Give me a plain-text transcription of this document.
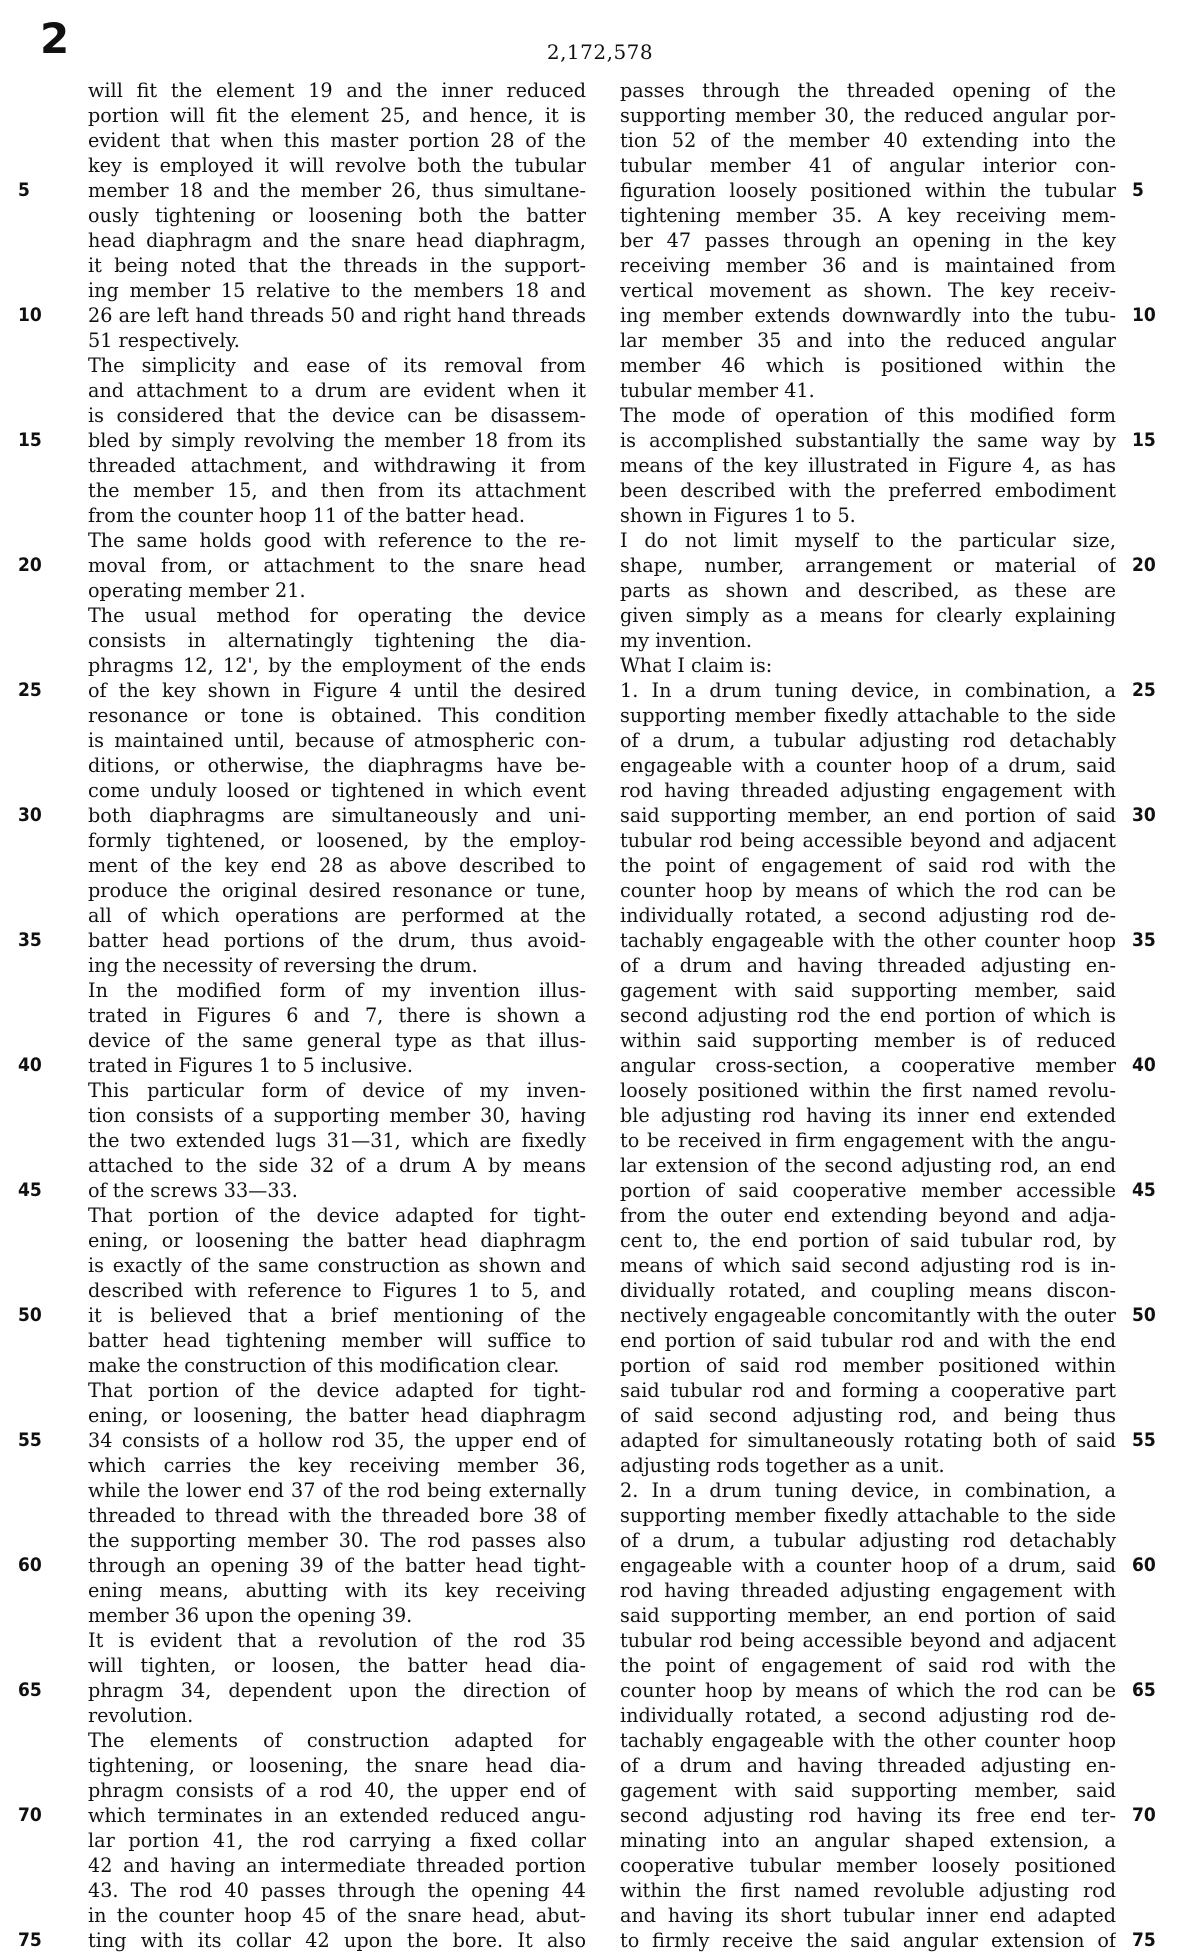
2	2,172,578
will fit the element 19 and the inner reduced
portion will fit the element 25, and hence, it is
evident that when this master portion 28 of the
key is employed it will revolve both the tubular
member 18 and the member 26, thus simultane-
ously tightening or loosening both the batter
head diaphragm and the snare head diaphragm,
it being noted that the threads in the support-
ing member 15 relative to the members 18 and
26 are left hand threads 50 and right hand threads
51 respectively.
The simplicity and ease of its removal from
and attachment to a drum are evident when it
is considered that the device can be disassem-
bled by simply revolving the member 18 from its
threaded attachment, and withdrawing it from
the member 15, and then from its attachment
from the counter hoop 11 of the batter head.
The same holds good with reference to the re-
moval from, or attachment to the snare head
operating member 21.
The usual method for operating the device
consists in alternatingly tightening the dia-
phragms 12, 12', by the employment of the ends
of the key shown in Figure 4 until the desired
resonance or tone is obtained. This condition
is maintained until, because of atmospheric con-
ditions, or otherwise, the diaphragms have be-
come unduly loosed or tightened in which event
both diaphragms are simultaneously and uni-
formly tightened, or loosened, by the employ-
ment of the key end 28 as above described to
produce the original desired resonance or tune,
all of which operations are performed at the
batter head portions of the drum, thus avoid-
ing the necessity of reversing the drum.
In the modified form of my invention illus-
trated in Figures 6 and 7, there is shown a
device of the same general type as that illus-
trated in Figures 1 to 5 inclusive.
This particular form of device of my inven-
tion consists of a supporting member 30, having
the two extended lugs 31—31, which are fixedly
attached to the side 32 of a drum A by means
of the screws 33—33.
That portion of the device adapted for tight-
ening, or loosening the batter head diaphragm
is exactly of the same construction as shown and
described with reference to Figures 1 to 5, and
it is believed that a brief mentioning of the
batter head tightening member will suffice to
make the construction of this modification clear.
That portion of the device adapted for tight-
ening, or loosening, the batter head diaphragm
34 consists of a hollow rod 35, the upper end of
which carries the key receiving member 36,
while the lower end 37 of the rod being externally
threaded to thread with the threaded bore 38 of
the supporting member 30. The rod passes also
through an opening 39 of the batter head tight-
ening means, abutting with its key receiving
member 36 upon the opening 39.
It is evident that a revolution of the rod 35
will tighten, or loosen, the batter head dia-
phragm 34, dependent upon the direction of
revolution.
The elements of construction adapted for
tightening, or loosening, the snare head dia-
phragm consists of a rod 40, the upper end of
which terminates in an extended reduced angu-
lar portion 41, the rod carrying a fixed collar
42 and having an intermediate threaded portion
43. The rod 40 passes through the opening 44
in the counter hoop 45 of the snare head, abut-
ting with its collar 42 upon the bore. It also
passes through the threaded opening of the
supporting member 30, the reduced angular por-
tion 52 of the member 40 extending into the
tubular member 41 of angular interior con-
figuration loosely positioned within the tubular
tightening member 35. A key receiving mem-
ber 47 passes through an opening in the key
receiving member 36 and is maintained from
vertical movement as shown. The key receiv-
ing member extends downwardly into the tubu-
lar member 35 and into the reduced angular
member 46 which is positioned within the
tubular member 41.
The mode of operation of this modified form
is accomplished substantially the same way by
means of the key illustrated in Figure 4, as has
been described with the preferred embodiment
shown in Figures 1 to 5.
I do not limit myself to the particular size,
shape, number, arrangement or material of
parts as shown and described, as these are
given simply as a means for clearly explaining
my invention.
What I claim is:
1. In a drum tuning device, in combination, a
supporting member fixedly attachable to the side
of a drum, a tubular adjusting rod detachably
engageable with a counter hoop of a drum, said
rod having threaded adjusting engagement with
said supporting member, an end portion of said
tubular rod being accessible beyond and adjacent
the point of engagement of said rod with the
counter hoop by means of which the rod can be
individually rotated, a second adjusting rod de-
tachably engageable with the other counter hoop
of a drum and having threaded adjusting en-
gagement with said supporting member, said
second adjusting rod the end portion of which is
within said supporting member is of reduced
angular cross-section, a cooperative member
loosely positioned within the first named revolu-
ble adjusting rod having its inner end extended
to be received in firm engagement with the angu-
lar extension of the second adjusting rod, an end
portion of said cooperative member accessible
from the outer end extending beyond and adja-
cent to, the end portion of said tubular rod, by
means of which said second adjusting rod is in-
dividually rotated, and coupling means discon-
nectively engageable concomitantly with the outer
end portion of said tubular rod and with the end
portion of said rod member positioned within
said tubular rod and forming a cooperative part
of said second adjusting rod, and being thus
adapted for simultaneously rotating both of said
adjusting rods together as a unit.
2. In a drum tuning device, in combination, a
supporting member fixedly attachable to the side
of a drum, a tubular adjusting rod detachably
engageable with a counter hoop of a drum, said
rod having threaded adjusting engagement with
said supporting member, an end portion of said
tubular rod being accessible beyond and adjacent
the point of engagement of said rod with the
counter hoop by means of which the rod can be
individually rotated, a second adjusting rod de-
tachably engageable with the other counter hoop
of a drum and having threaded adjusting en-
gagement with said supporting member, said
second adjusting rod having its free end ter-
minating into an angular shaped extension, a
cooperative tubular member loosely positioned
within the first named revoluble adjusting rod
and having its short tubular inner end adapted
to firmly receive the said angular extension of
5	5
10	10
15	15
20	20
25	25
30	30
35	35
40	40
45	45
50	50
55	55
60	60
65	65
70	70
75	75
